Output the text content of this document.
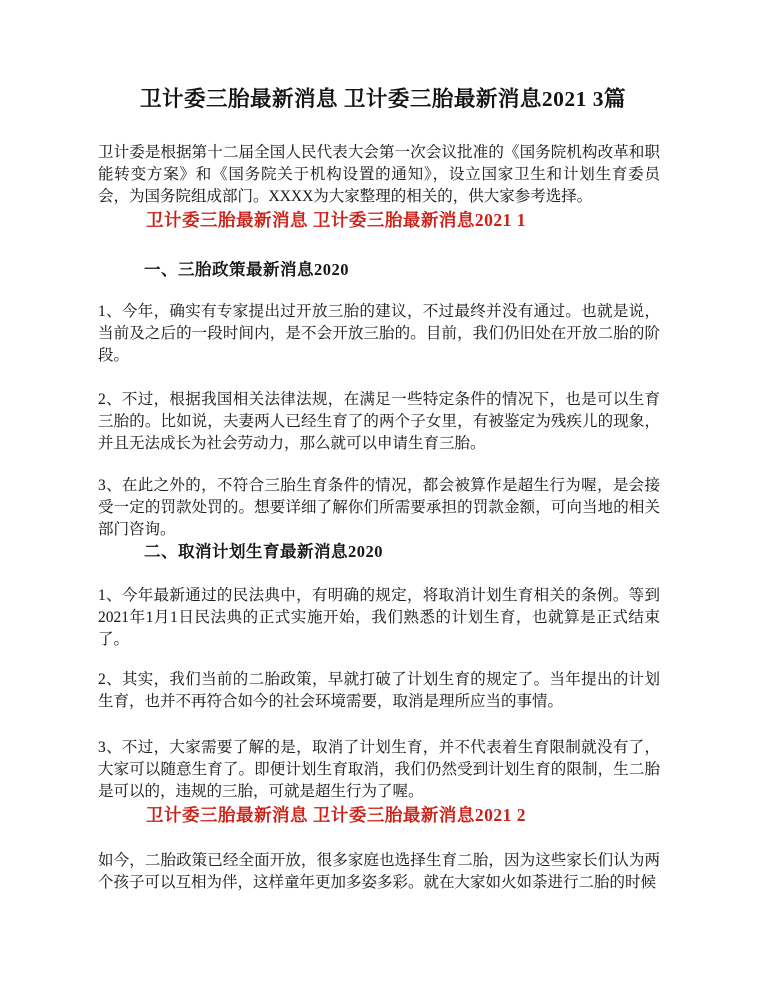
卫计委三胎最新消息 卫计委三胎最新消息2021 3篇
卫计委是根据第十二届全国人民代表大会第一次会议批准的《国务院机构改革和职能转变方案》和《国务院关于机构设置的通知》，设立国家卫生和计划生育委员会，为国务院组成部门。XXXX为大家整理的相关的，供大家参考选择。
卫计委三胎最新消息 卫计委三胎最新消息2021 1
一、三胎政策最新消息2020
1、今年，确实有专家提出过开放三胎的建议，不过最终并没有通过。也就是说，当前及之后的一段时间内，是不会开放三胎的。目前，我们仍旧处在开放二胎的阶段。
2、不过，根据我国相关法律法规，在满足一些特定条件的情况下，也是可以生育三胎的。比如说，夫妻两人已经生育了的两个子女里，有被鉴定为残疾儿的现象，并且无法成长为社会劳动力，那么就可以申请生育三胎。
3、在此之外的，不符合三胎生育条件的情况，都会被算作是超生行为喔，是会接受一定的罚款处罚的。想要详细了解你们所需要承担的罚款金额，可向当地的相关部门咨询。
二、取消计划生育最新消息2020
1、今年最新通过的民法典中，有明确的规定，将取消计划生育相关的条例。等到2021年1月1日民法典的正式实施开始，我们熟悉的计划生育，也就算是正式结束了。
2、其实，我们当前的二胎政策，早就打破了计划生育的规定了。当年提出的计划生育，也并不再符合如今的社会环境需要，取消是理所应当的事情。
3、不过，大家需要了解的是，取消了计划生育，并不代表着生育限制就没有了，大家可以随意生育了。即便计划生育取消，我们仍然受到计划生育的限制，生二胎是可以的，违规的三胎，可就是超生行为了喔。
卫计委三胎最新消息 卫计委三胎最新消息2021 2
如今，二胎政策已经全面开放，很多家庭也选择生育二胎，因为这些家长们认为两个孩子可以互相为伴，这样童年更加多姿多彩。就在大家如火如荼进行二胎的时候
